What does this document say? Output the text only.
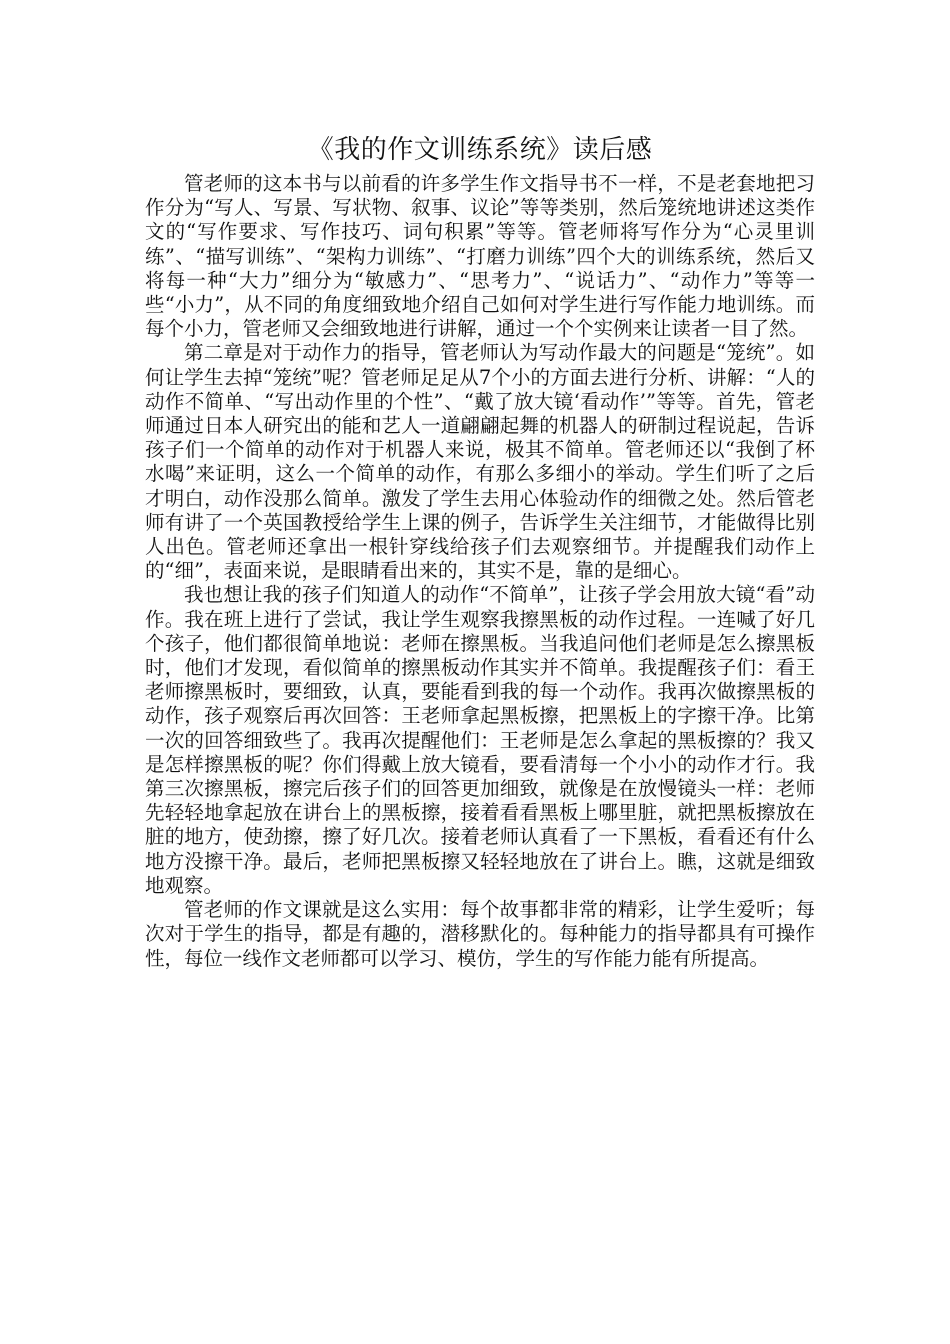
《我的作文训练系统》读后感

管老师的这本书与以前看的许多学生作文指导书不一样，不是老套地把习作分为“写人、写景、写状物、叙事、议论”等等类别，然后笼统地讲述这类作文的“写作要求、写作技巧、词句积累”等等。管老师将写作分为“心灵里训练”、“描写训练”、“架构力训练”、“打磨力训练”四个大的训练系统，然后又将每一种“大力”细分为“敏感力”、“思考力”、“说话力”、“动作力”等等一些“小力”，从不同的角度细致地介绍自己如何对学生进行写作能力地训练。而每个小力，管老师又会细致地进行讲解，通过一个个实例来让读者一目了然。

第二章是对于动作力的指导，管老师认为写动作最大的问题是“笼统”。如何让学生去掉“笼统”呢？管老师足足从7个小的方面去进行分析、讲解：“人的动作不简单、“写出动作里的个性”、“戴了放大镜‘看动作’”等等。首先，管老师通过日本人研究出的能和艺人一道翩翩起舞的机器人的研制过程说起，告诉孩子们一个简单的动作对于机器人来说，极其不简单。管老师还以“我倒了杯水喝”来证明，这么一个简单的动作，有那么多细小的举动。学生们听了之后才明白，动作没那么简单。激发了学生去用心体验动作的细微之处。然后管老师有讲了一个英国教授给学生上课的例子，告诉学生关注细节，才能做得比别人出色。管老师还拿出一根针穿线给孩子们去观察细节。并提醒我们动作上的“细”，表面来说，是眼睛看出来的，其实不是，靠的是细心。

我也想让我的孩子们知道人的动作“不简单”，让孩子学会用放大镜“看”动作。我在班上进行了尝试，我让学生观察我擦黑板的动作过程。一连喊了好几个孩子，他们都很简单地说：老师在擦黑板。当我追问他们老师是怎么擦黑板时，他们才发现，看似简单的擦黑板动作其实并不简单。我提醒孩子们：看王老师擦黑板时，要细致，认真，要能看到我的每一个动作。我再次做擦黑板的动作，孩子观察后再次回答：王老师拿起黑板擦，把黑板上的字擦干净。比第一次的回答细致些了。我再次提醒他们：王老师是怎么拿起的黑板擦的？我又是怎样擦黑板的呢？你们得戴上放大镜看，要看清每一个小小的动作才行。我第三次擦黑板，擦完后孩子们的回答更加细致，就像是在放慢镜头一样：老师先轻轻地拿起放在讲台上的黑板擦，接着看看黑板上哪里脏，就把黑板擦放在脏的地方，使劲擦，擦了好几次。接着老师认真看了一下黑板，看看还有什么地方没擦干净。最后，老师把黑板擦又轻轻地放在了讲台上。瞧，这就是细致地观察。

管老师的作文课就是这么实用：每个故事都非常的精彩，让学生爱听；每次对于学生的指导，都是有趣的，潜移默化的。每种能力的指导都具有可操作性，每位一线作文老师都可以学习、模仿，学生的写作能力能有所提高。
